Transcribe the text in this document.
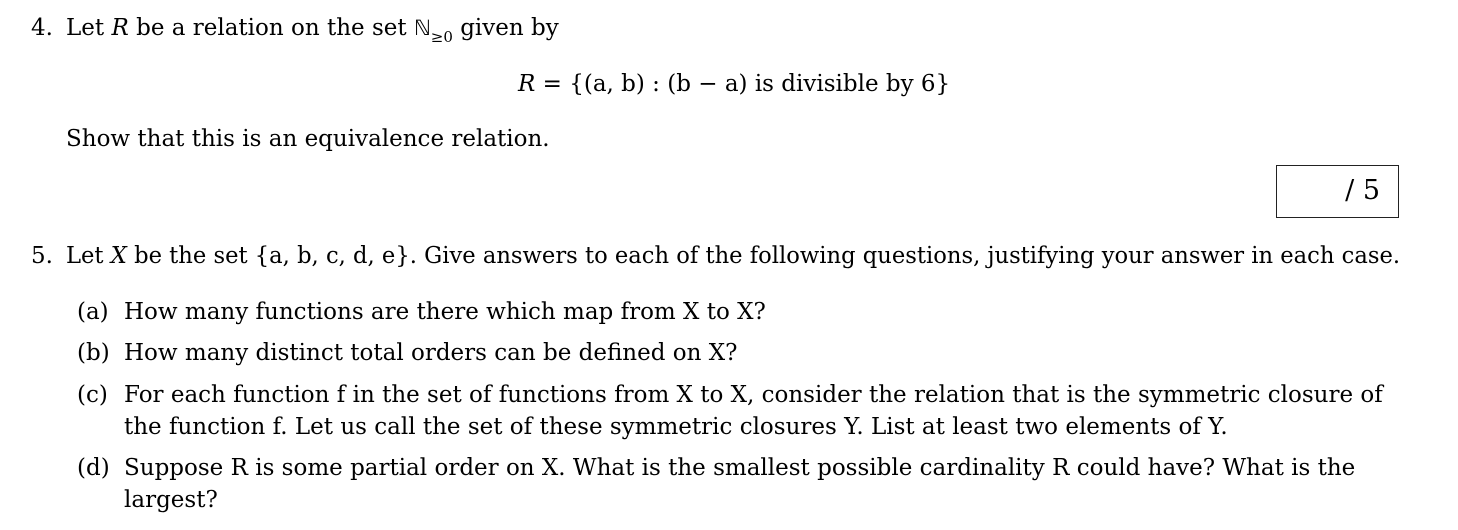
4. Let R be a relation on the set ℕ$_{\ge 0}$ given by
R = {(a, b) : (b − a) is divisible by 6}
Show that this is an equivalence relation.
/ 5
5. Let X be the set {a, b, c, d, e}. Give answers to each of the following questions, justifying your answer in each case.
(a) How many functions are there which map from X to X?
(b) How many distinct total orders can be defined on X?
(c) For each function f in the set of functions from X to X, consider the relation that is the symmetric closure of
the function f. Let us call the set of these symmetric closures Y. List at least two elements of Y.
(d) Suppose R is some partial order on X. What is the smallest possible cardinality R could have? What is the
largest?
